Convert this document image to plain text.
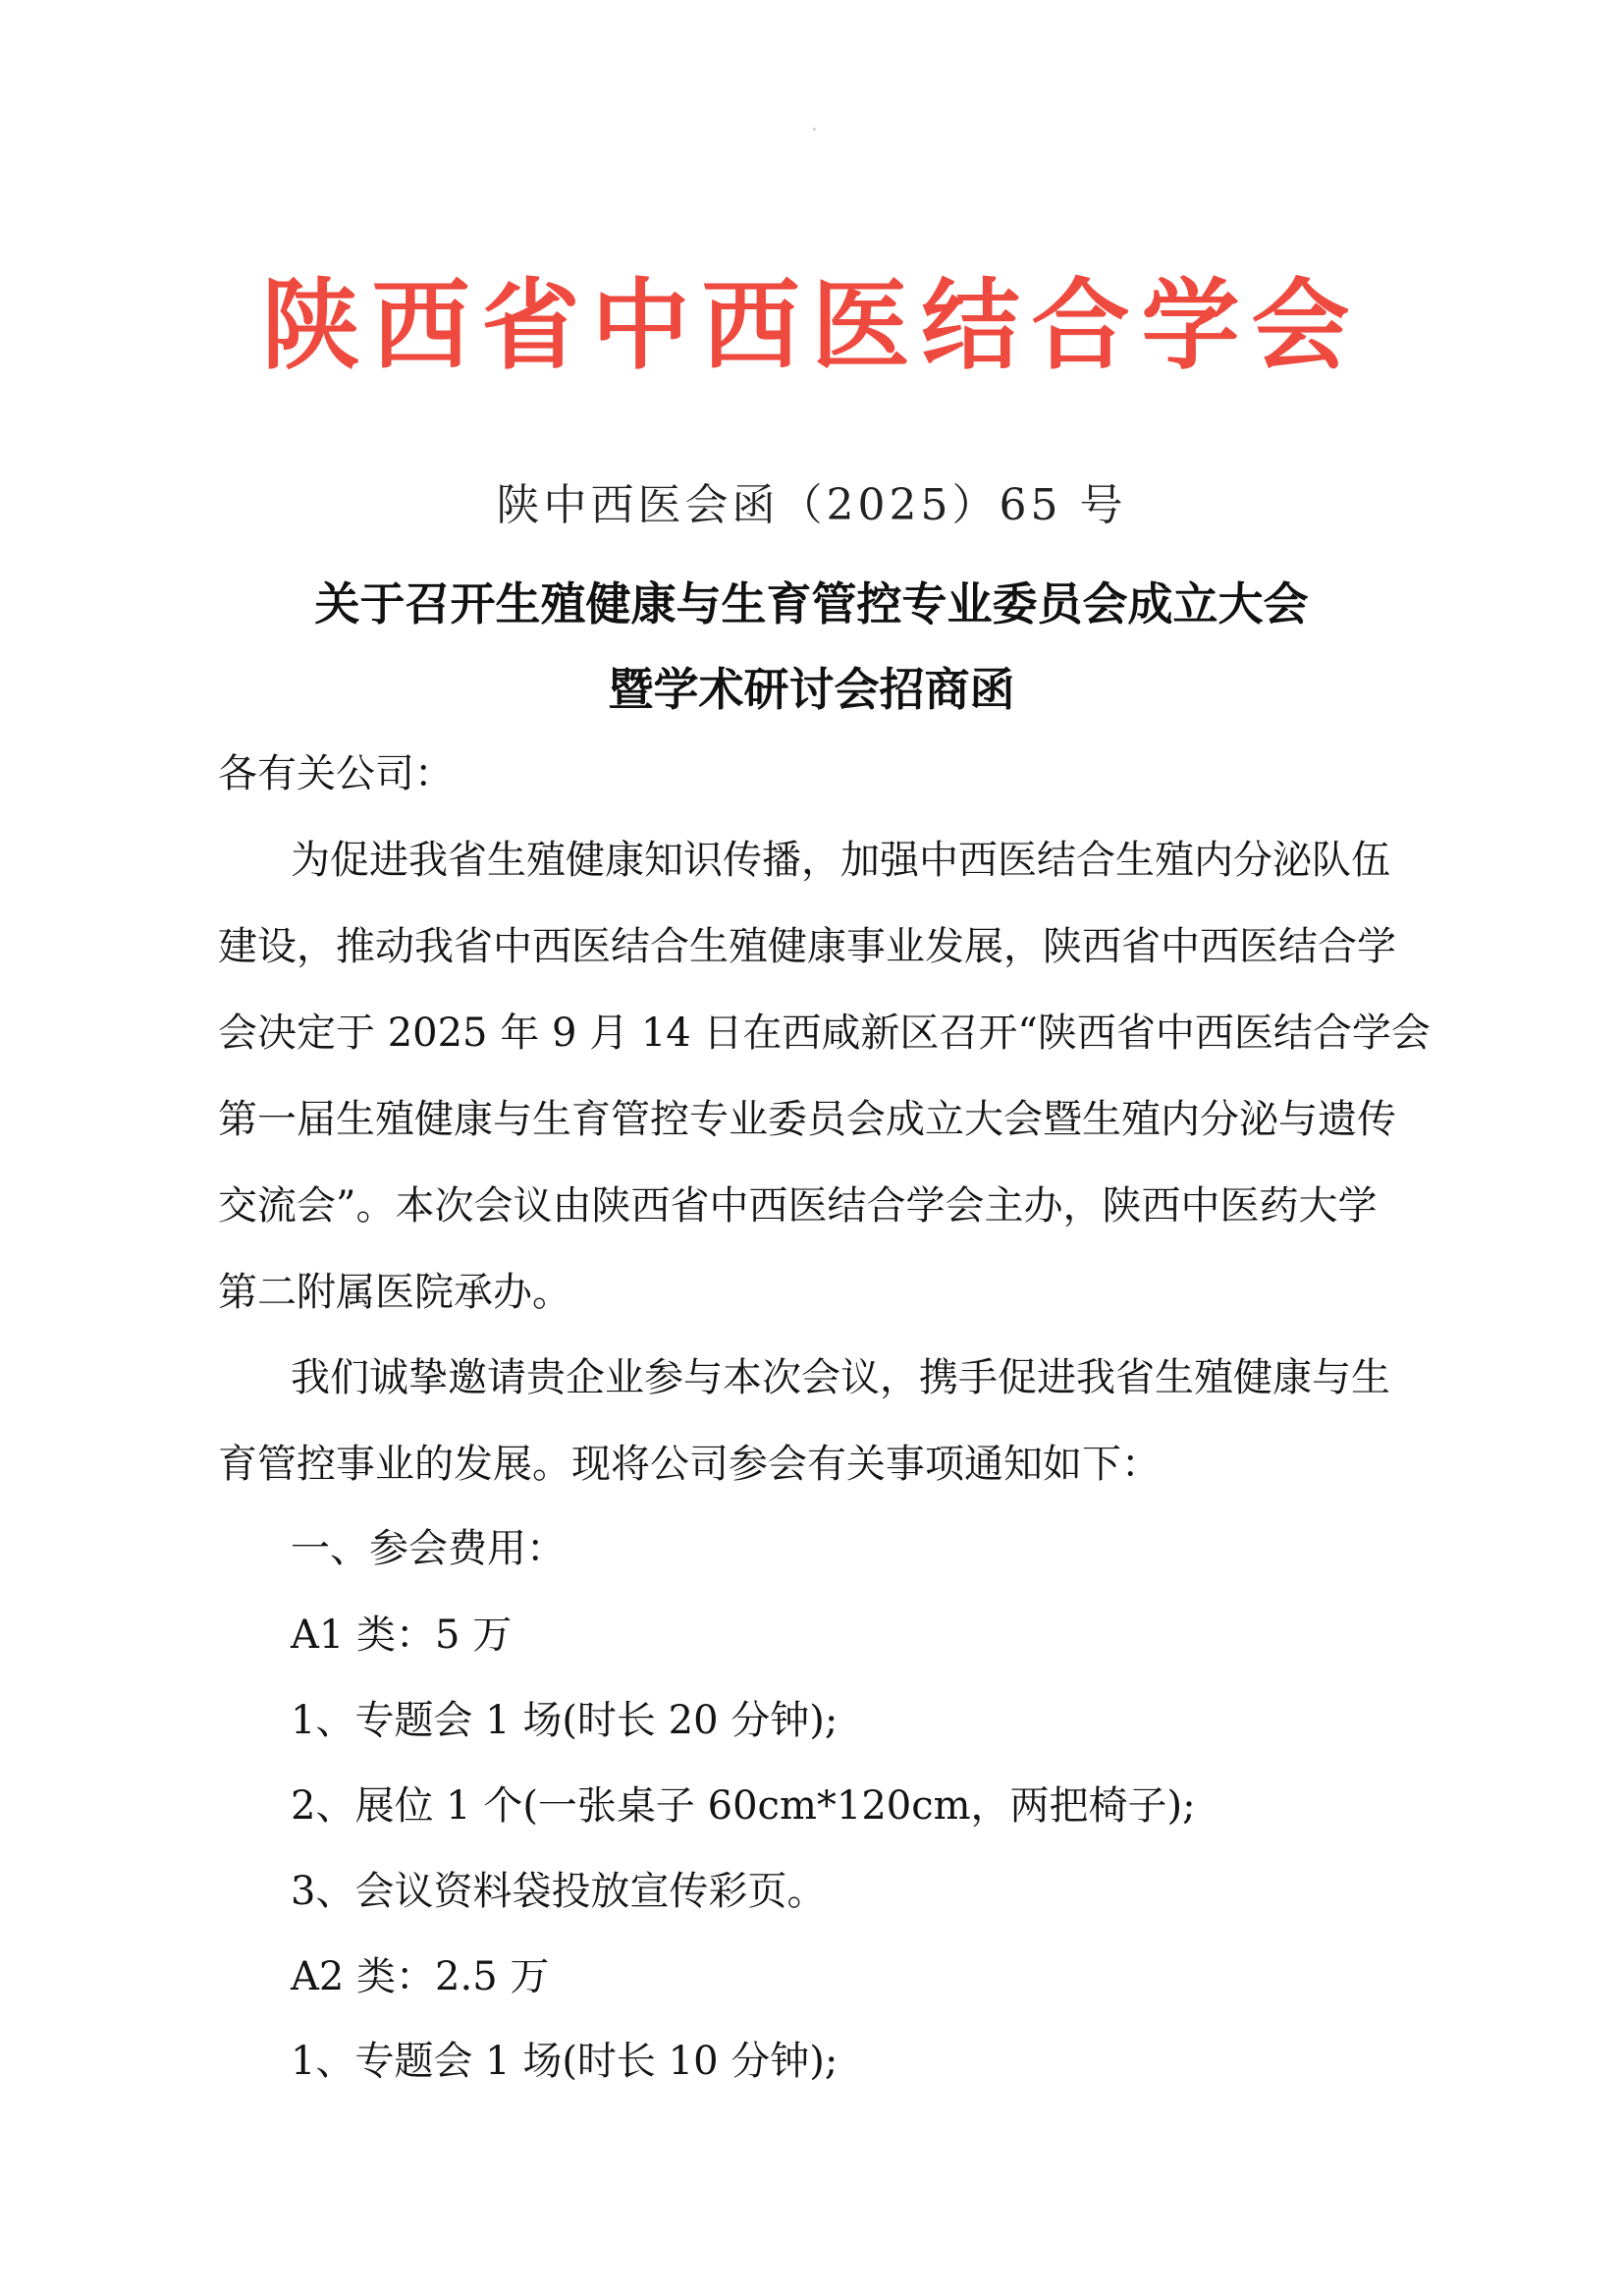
陕西省中西医结合学会
陕中西医会函（2025）65 号
关于召开生殖健康与生育管控专业委员会成立大会
暨学术研讨会招商函
各有关公司：
为促进我省生殖健康知识传播，加强中西医结合生殖内分泌队伍
建设，推动我省中西医结合生殖健康事业发展，陕西省中西医结合学
会决定于 2025 年 9 月 14 日在西咸新区召开“陕西省中西医结合学会
第一届生殖健康与生育管控专业委员会成立大会暨生殖内分泌与遗传
交流会”。本次会议由陕西省中西医结合学会主办，陕西中医药大学
第二附属医院承办。
我们诚挚邀请贵企业参与本次会议，携手促进我省生殖健康与生
育管控事业的发展。现将公司参会有关事项通知如下：
一、参会费用：
A1 类：5 万
1、专题会 1 场(时长 20 分钟);
2、展位 1 个(一张桌子 60cm*120cm，两把椅子);
3、会议资料袋投放宣传彩页。
A2 类：2.5 万
1、专题会 1 场(时长 10 分钟);
